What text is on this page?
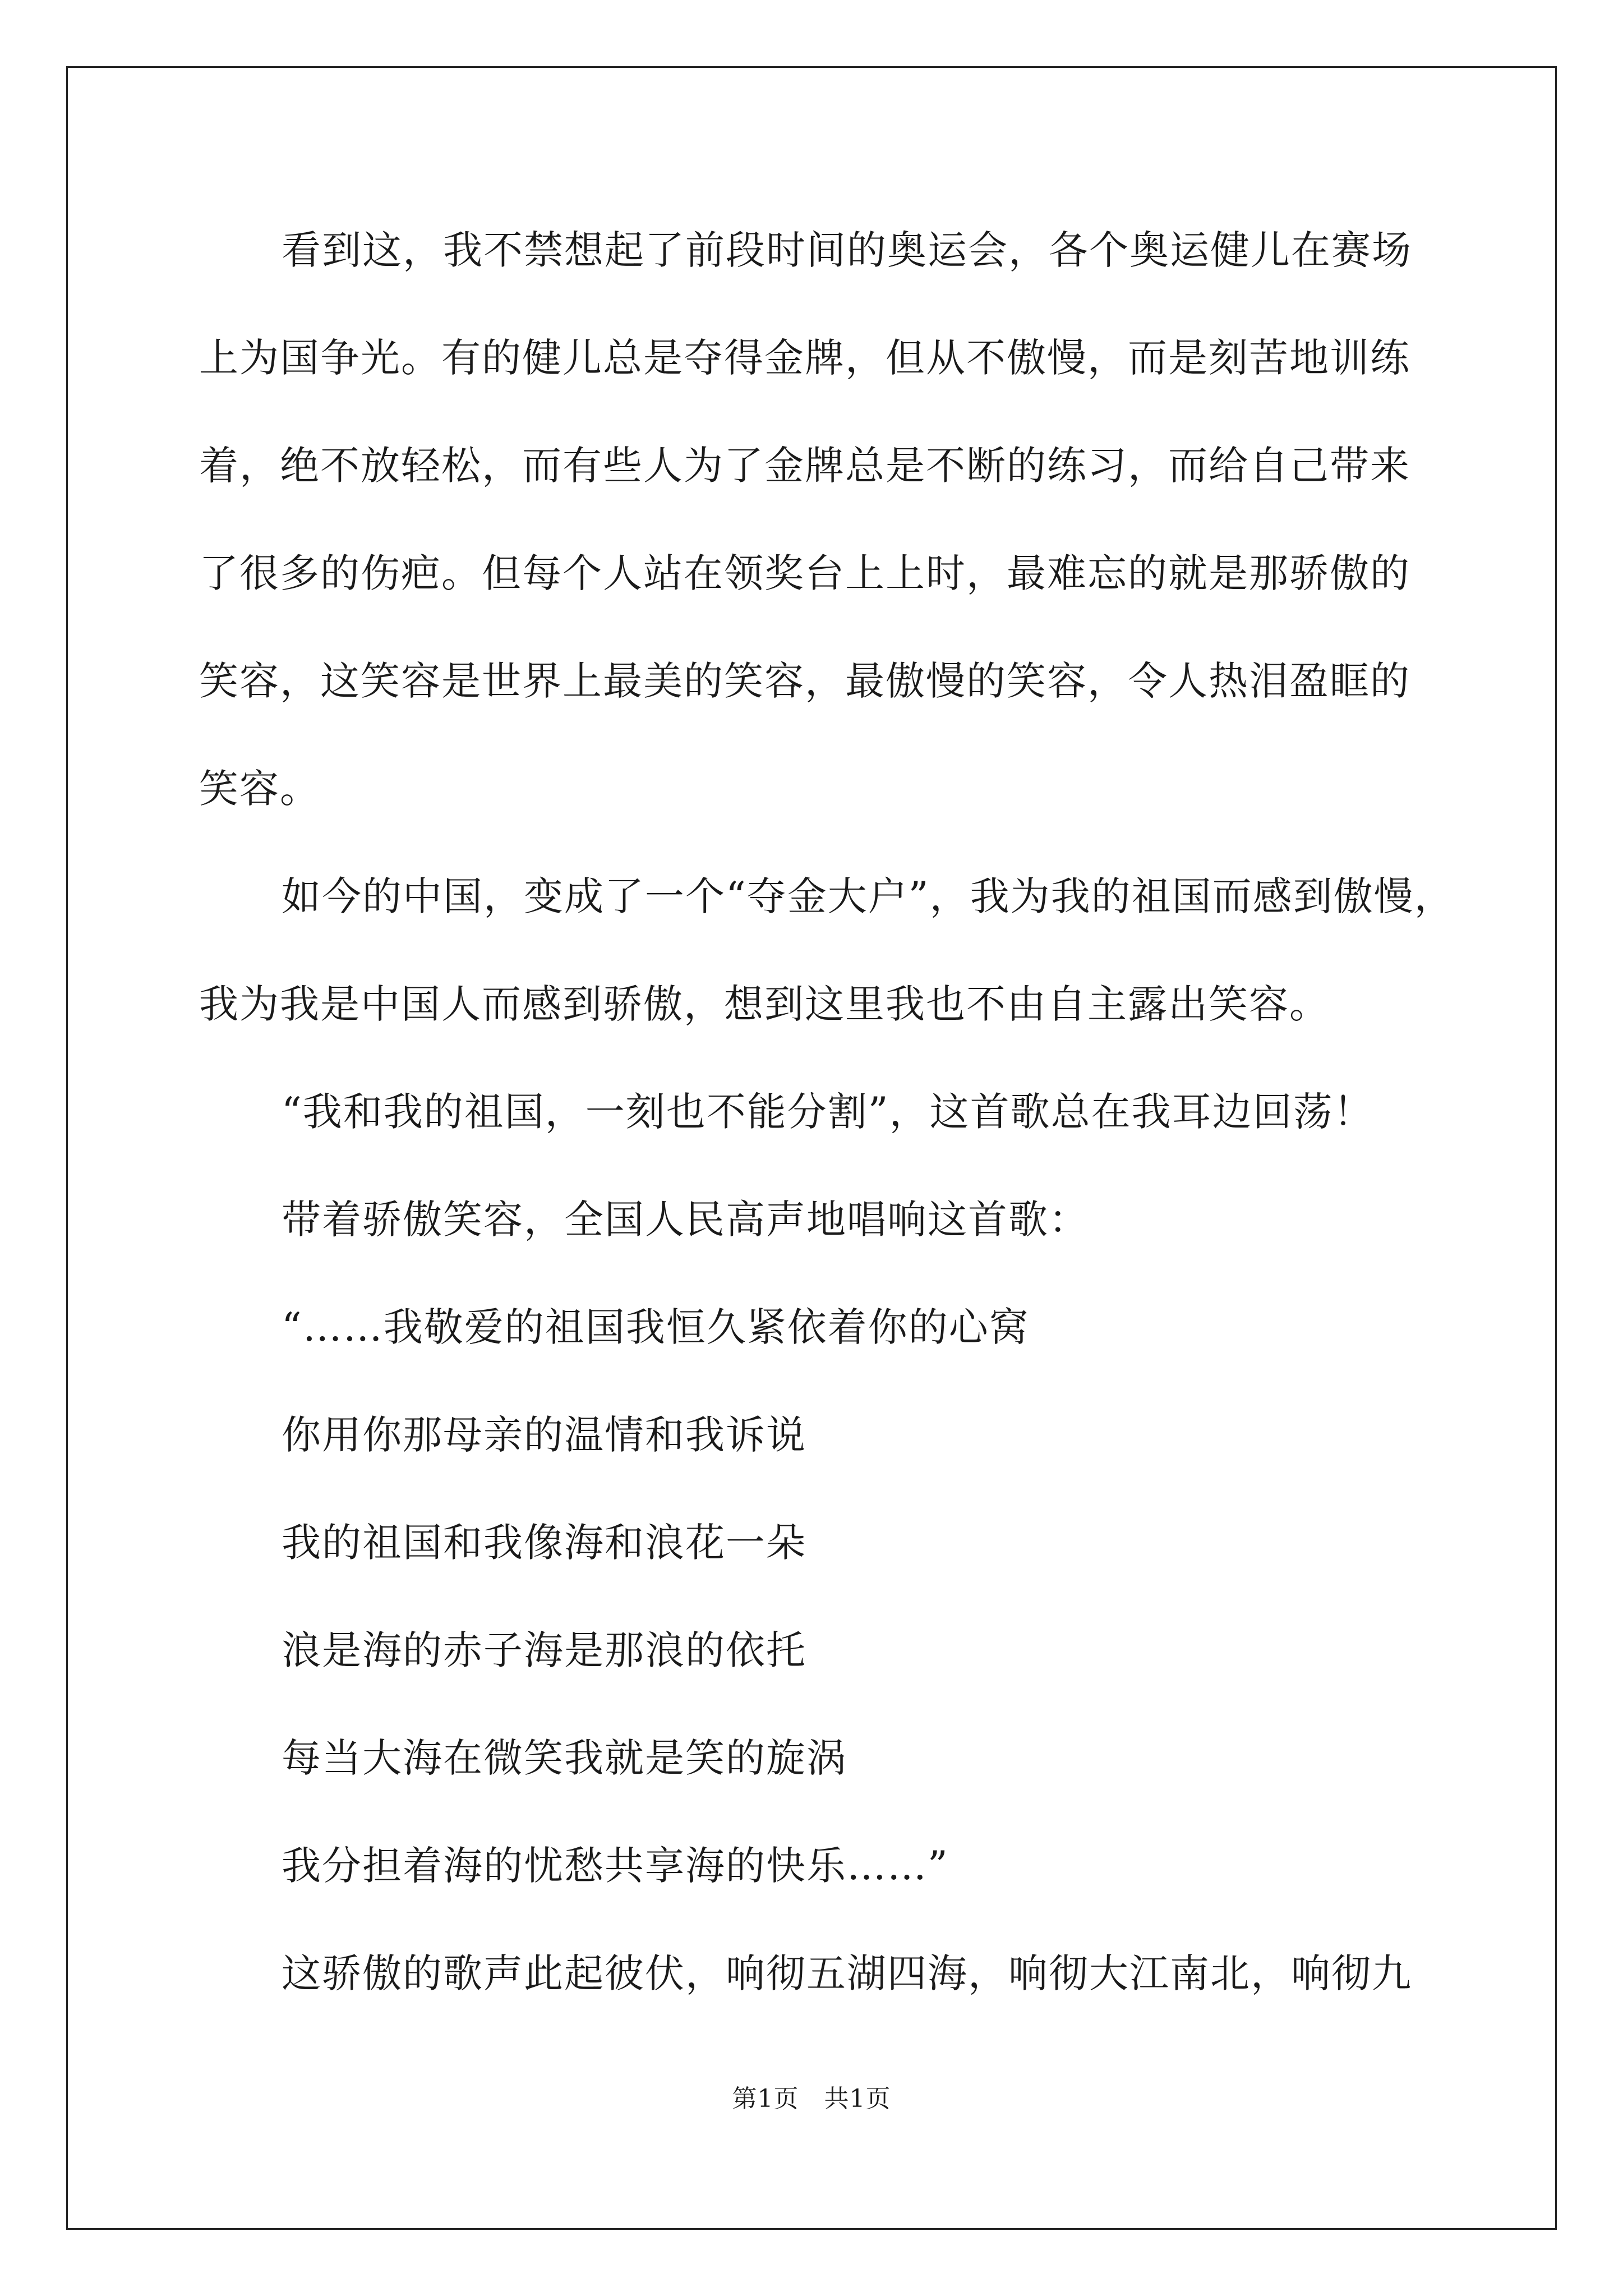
看到这，我不禁想起了前段时间的奥运会，各个奥运健儿在赛场
上为国争光。有的健儿总是夺得金牌，但从不傲慢，而是刻苦地训练
着，绝不放轻松，而有些人为了金牌总是不断的练习，而给自己带来
了很多的伤疤。但每个人站在领奖台上上时，最难忘的就是那骄傲的
笑容，这笑容是世界上最美的笑容，最傲慢的笑容，令人热泪盈眶的
笑容。
如今的中国，变成了一个“夺金大户”，我为我的祖国而感到傲慢，
我为我是中国人而感到骄傲，想到这里我也不由自主露出笑容。
“我和我的祖国，一刻也不能分割”，这首歌总在我耳边回荡！
带着骄傲笑容，全国人民高声地唱响这首歌：
“……我敬爱的祖国我恒久紧依着你的心窝
你用你那母亲的温情和我诉说
我的祖国和我像海和浪花一朵
浪是海的赤子海是那浪的依托
每当大海在微笑我就是笑的旋涡
我分担着海的忧愁共享海的快乐……”
这骄傲的歌声此起彼伏，响彻五湖四海，响彻大江南北，响彻九
第1页　共1页
